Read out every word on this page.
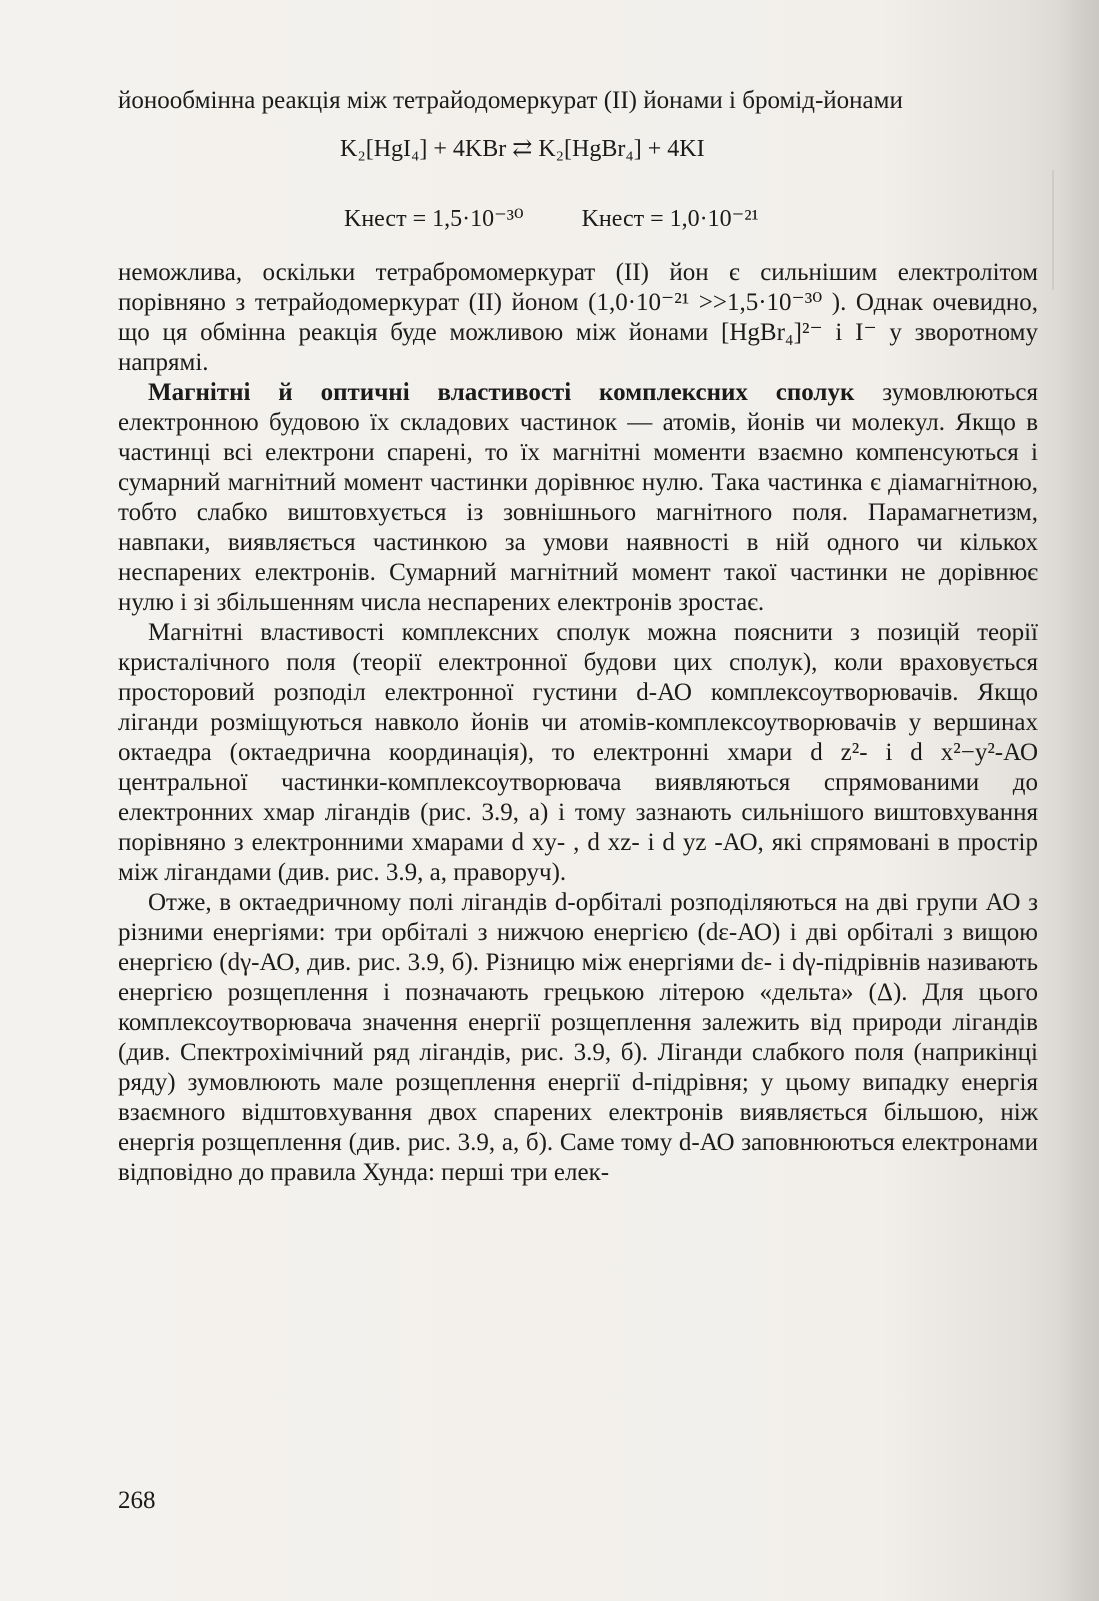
йонообмінна реакція між тетрайодомеркурат (II) йонами і бромід-йонами

K₂[HgI₄] + 4KBr ⇄ K₂[HgBr₄] + 4KI
Kнест = 1,5·10⁻³⁰ Kнест = 1,0·10⁻²¹

неможлива, оскільки тетрабромомеркурат (II) йон є сильнішим електролітом порівняно з тетрайодомеркурат (II) йоном (1,0·10⁻²¹ >>1,5·10⁻³⁰ ). Однак очевидно, що ця обмінна реакція буде можливою між йонами [HgBr₄]²⁻ і I⁻ у зворотному напрямі.

Магнітні й оптичні властивості комплексних сполук зумовлюються електронною будовою їх складових частинок — атомів, йонів чи молекул. Якщо в частинці всі електрони спарені, то їх магнітні моменти взаємно компенсуються і сумарний магнітний момент частинки дорівнює нулю. Така частинка є діамагнітною, тобто слабко виштовхується із зовнішнього магнітного поля. Парамагнетизм, навпаки, виявляється частинкою за умови наявності в ній одного чи кількох неспарених електронів. Сумарний магнітний момент такої частинки не дорівнює нулю і зі збільшенням числа неспарених електронів зростає.

Магнітні властивості комплексних сполук можна пояснити з позицій теорії кристалічного поля (теорії електронної будови цих сполук), коли враховується просторовий розподіл електронної густини d-АО комплексоутворювачів. Якщо ліганди розміщуються навколо йонів чи атомів-комплексоутворювачів у вершинах октаедра (октаедрична координація), то електронні хмари d z²- і d x²−y²-АО центральної частинки-комплексоутворювача виявляються спрямованими до електронних хмар лігандів (рис. 3.9, а) і тому зазнають сильнішого виштовхування порівняно з електронними хмарами d xy- , d xz- і d yz -АО, які спрямовані в простір між лігандами (див. рис. 3.9, а, праворуч).

Отже, в октаедричному полі лігандів d-орбіталі розподіляються на дві групи АО з різними енергіями: три орбіталі з нижчою енергією (dε-АО) і дві орбіталі з вищою енергією (dγ-АО, див. рис. 3.9, б). Різницю між енергіями dε- і dγ-підрівнів називають енергією розщеплення і позначають грецькою літерою «дельта» (Δ). Для цього комплексоутворювача значення енергії розщеплення залежить від природи лігандів (див. Спектрохімічний ряд лігандів, рис. 3.9, б). Ліганди слабкого поля (наприкінці ряду) зумовлюють мале розщеплення енергії d-підрівня; у цьому випадку енергія взаємного відштовхування двох спарених електронів виявляється більшою, ніж енергія розщеплення (див. рис. 3.9, а, б). Саме тому d-АО заповнюються електронами відповідно до правила Хунда: перші три елек-

268
